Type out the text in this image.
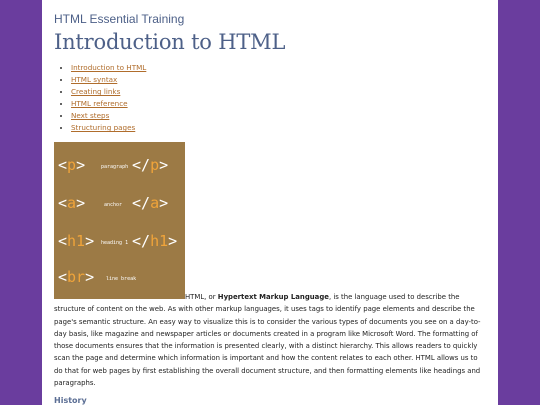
HTML Essential Training

Introduction to HTML
• Introduction to HTML
• HTML syntax
• Creating links
• HTML reference
• Next steps
• Structuring pages
<p>	paragraph </p>
<a>	anchor </a>
<h1> heading 1 </h1>
<br> line break

HTML, or Hypertext Markup Language, is the language used to describe the structure of content on the web. As with other markup languages, it uses tags to identify page elements and describe the page's semantic structure. An easy way to visualize this is to consider the various types of documents you see on a day-to-day basis, like magazine and newspaper articles or documents created in a program like Microsoft Word. The formatting of those documents ensures that the information is presented clearly, with a distinct hierarchy. This allows readers to quickly scan the page and determine which information is important and how the content relates to each other. HTML allows us to do that for web pages by first establishing the overall document structure, and then formatting elements like headings and paragraphs.

History
